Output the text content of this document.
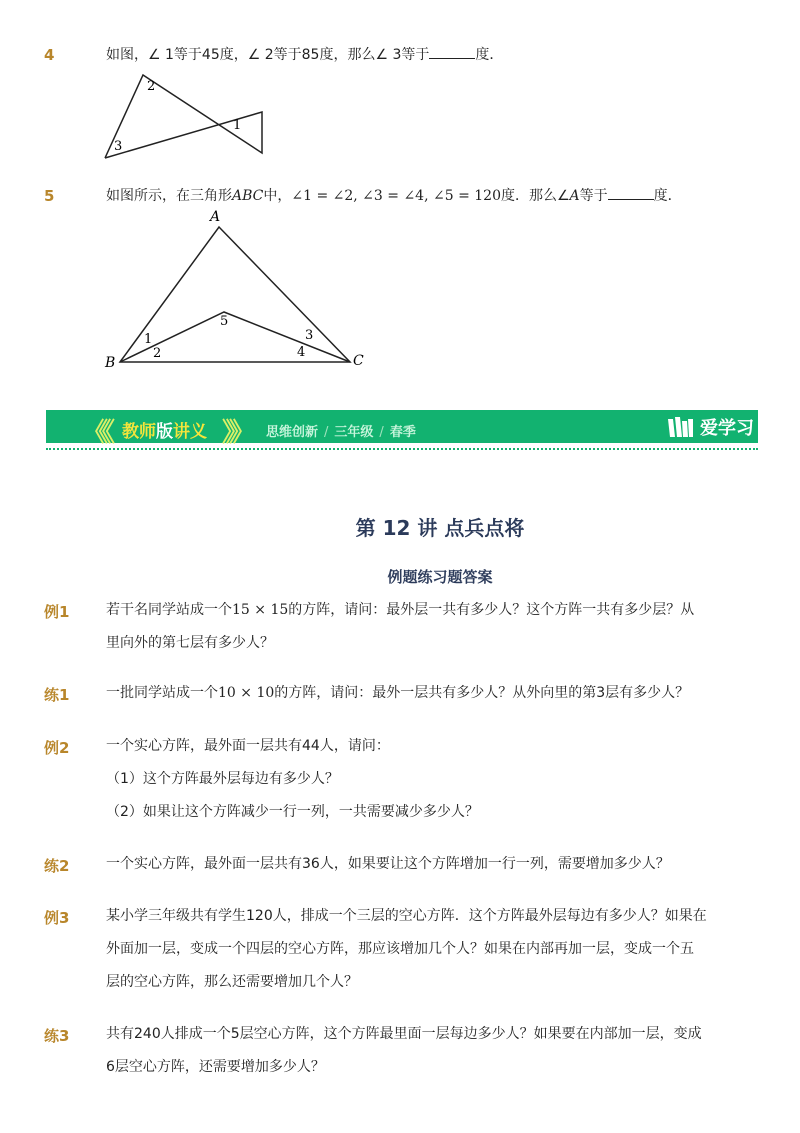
4	如图，∠ 1等于45度，∠ 2等于85度，那么∠ 3等于	度．
2
1
3
5	如图所示，在三角形ABC中，∠1 = ∠2, ∠3 = ∠4, ∠5 = 120度．那么∠A等于	度．
A
B	C
1
2
3
4
5
《《 教师版讲义 》》 思维创新 / 三年级 / 春季	爱学习
第 12 讲 点兵点将
例题练习题答案
例1	若干名同学站成一个15 × 15的方阵，请问：最外层一共有多少人？这个方阵一共有多少层？从
里向外的第七层有多少人？
练1	一批同学站成一个10 × 10的方阵，请问：最外一层共有多少人？从外向里的第3层有多少人？
例2	一个实心方阵，最外面一层共有44人，请问：
（1）这个方阵最外层每边有多少人？
（2）如果让这个方阵减少一行一列，一共需要减少多少人？
练2	一个实心方阵，最外面一层共有36人，如果要让这个方阵增加一行一列，需要增加多少人？
例3	某小学三年级共有学生120人，排成一个三层的空心方阵．这个方阵最外层每边有多少人？如果在
外面加一层，变成一个四层的空心方阵，那应该增加几个人？如果在内部再加一层，变成一个五
层的空心方阵，那么还需要增加几个人？
练3	共有240人排成一个5层空心方阵，这个方阵最里面一层每边多少人？如果要在内部加一层，变成
6层空心方阵，还需要增加多少人？
